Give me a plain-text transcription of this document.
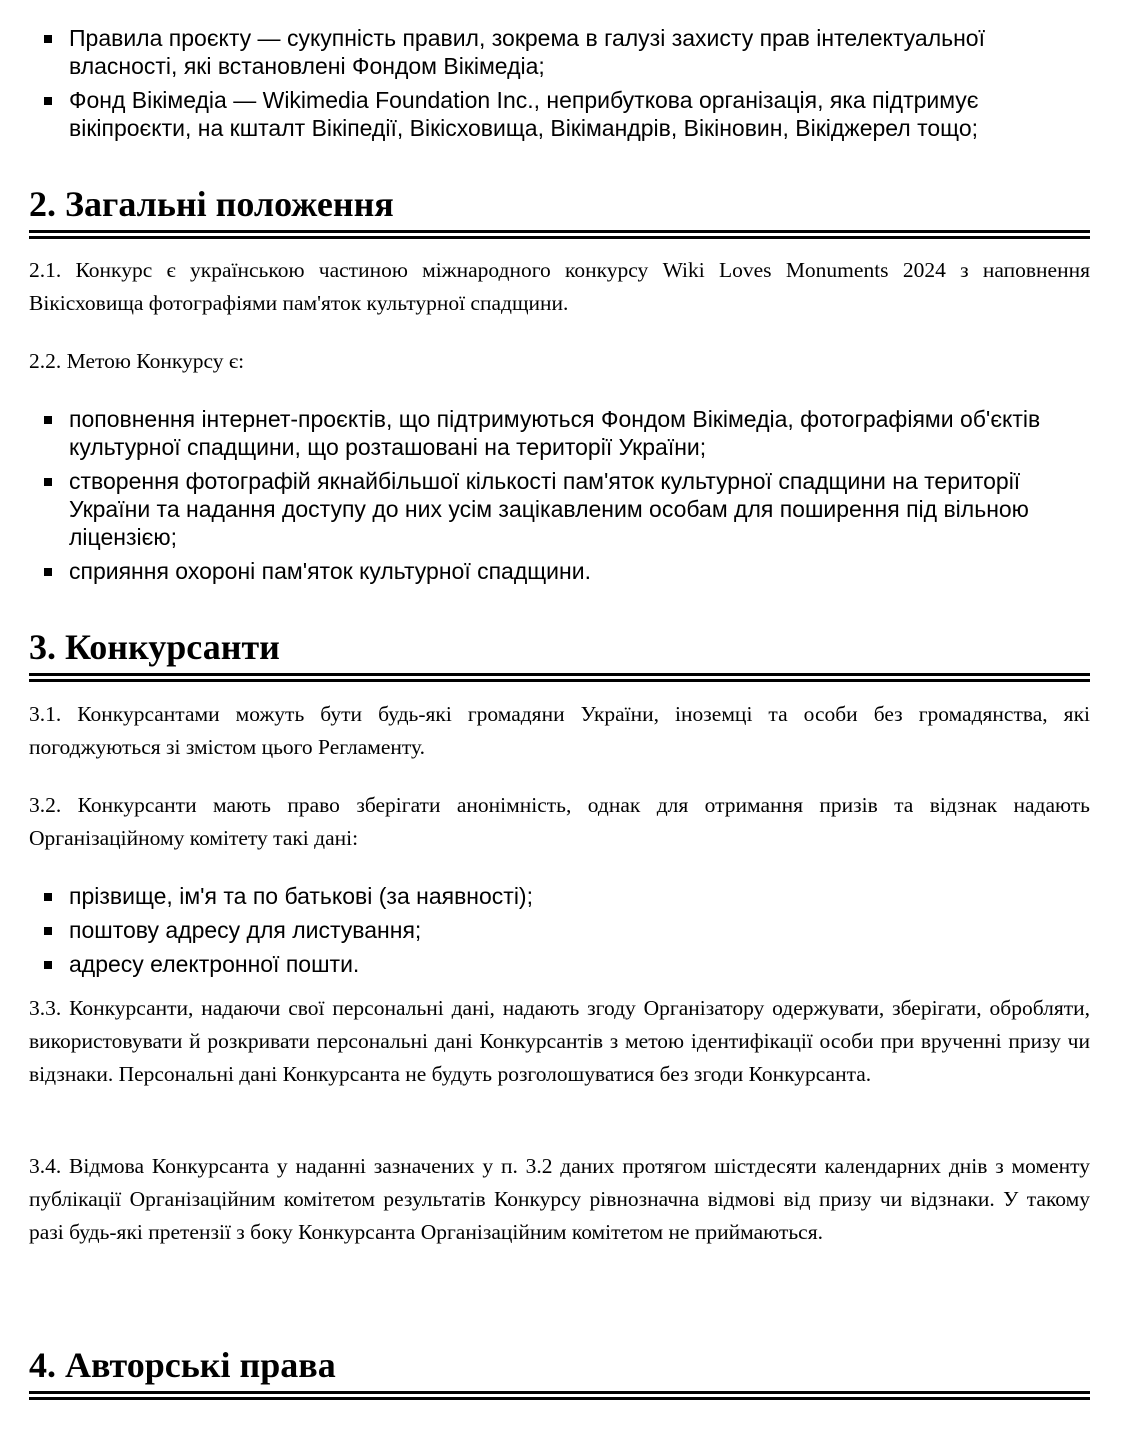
Правила проєкту — сукупність правил, зокрема в галузі захисту прав інтелектуальної власності, які встановлені Фондом Вікімедіа;
Фонд Вікімедіа — Wikimedia Foundation Inc., неприбуткова організація, яка підтримує вікіпроєкти, на кшталт Вікіпедії, Вікісховища, Вікімандрів, Вікіновин, Вікіджерел тощо;
2. Загальні положення

2.1. Конкурс є українською частиною міжнародного конкурсу Wiki Loves Monuments 2024 з наповнення Вікісховища фотографіями пам'яток культурної спадщини.

2.2. Метою Конкурсу є:

поповнення інтернет-проєктів, що підтримуються Фондом Вікімедіа, фотографіями об'єктів культурної спадщини, що розташовані на території України;
створення фотографій якнайбільшої кількості пам'яток культурної спадщини на території України та надання доступу до них усім зацікавленим особам для поширення під вільною ліцензією;
сприяння охороні пам'яток культурної спадщини.
3. Конкурсанти

3.1. Конкурсантами можуть бути будь-які громадяни України, іноземці та особи без громадянства, які погоджуються зі змістом цього Регламенту.

3.2. Конкурсанти мають право зберігати анонімність, однак для отримання призів та відзнак надають Організаційному комітету такі дані:

прізвище, ім'я та по батькові (за наявності);
поштову адресу для листування;
адресу електронної пошти.

3.3. Конкурсанти, надаючи свої персональні дані, надають згоду Організатору одержувати, зберігати, обробляти, використовувати й розкривати персональні дані Конкурсантів з метою ідентифікації особи при врученні призу чи відзнаки. Персональні дані Конкурсанта не будуть розголошуватися без згоди Конкурсанта.

3.4. Відмова Конкурсанта у наданні зазначених у п. 3.2 даних протягом шістдесяти календарних днів з моменту публікації Організаційним комітетом результатів Конкурсу рівнозначна відмові від призу чи відзнаки. У такому разі будь-які претензії з боку Конкурсанта Організаційним комітетом не приймаються.

4. Авторські права
